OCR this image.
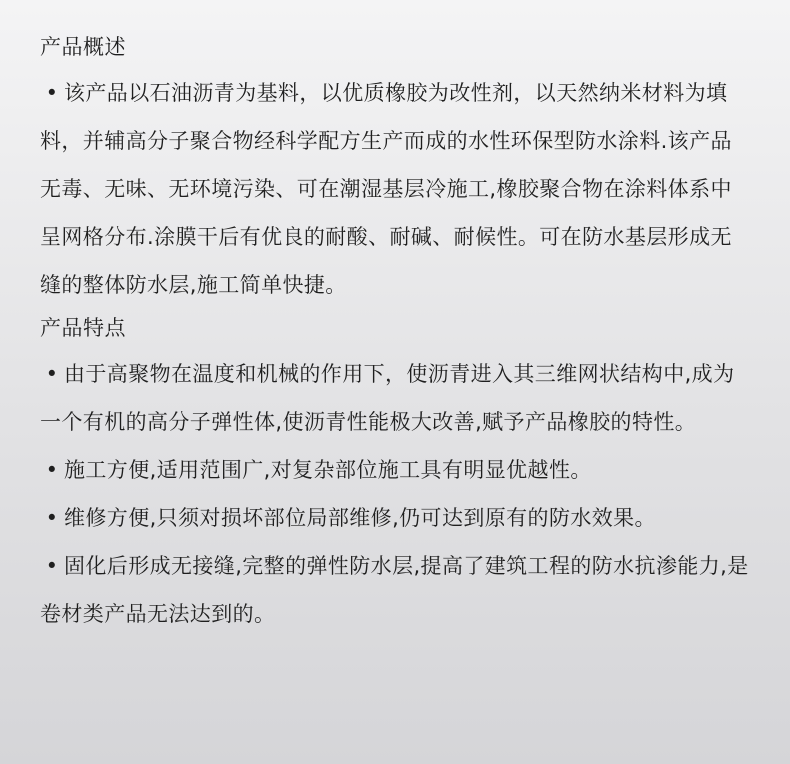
产品概述

• 该产品以石油沥青为基料，以优质橡胶为改性剂，以天然纳米材料为填料，并辅高分子聚合物经科学配方生产而成的水性环保型防水涂料.该产品无毒、无味、无环境污染、可在潮湿基层冷施工,橡胶聚合物在涂料体系中呈网格分布.涂膜干后有优良的耐酸、耐碱、耐候性。可在防水基层形成无缝的整体防水层,施工简单快捷。

产品特点

• 由于高聚物在温度和机械的作用下，使沥青进入其三维网状结构中,成为一个有机的高分子弹性体,使沥青性能极大改善,赋予产品橡胶的特性。

• 施工方便,适用范围广,对复杂部位施工具有明显优越性。

• 维修方便,只须对损坏部位局部维修,仍可达到原有的防水效果。

• 固化后形成无接缝,完整的弹性防水层,提高了建筑工程的防水抗渗能力,是卷材类产品无法达到的。
